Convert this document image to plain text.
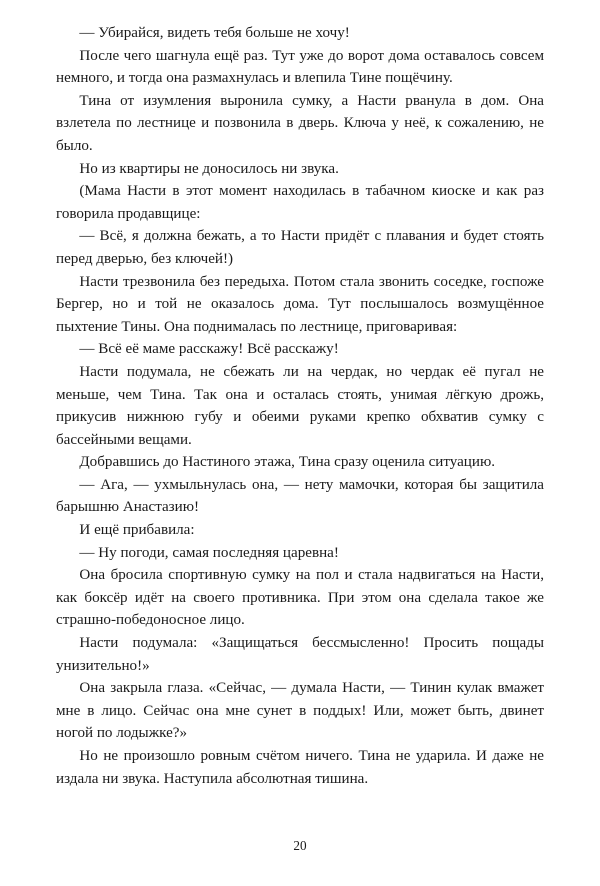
— Убирайся, видеть тебя больше не хочу!

После чего шагнула ещё раз. Тут уже до ворот дома оставалось совсем немного, и тогда она размахнулась и влепила Тине пощёчину.

Тина от изумления выронила сумку, а Насти рванула в дом. Она взлетела по лестнице и позвонила в дверь. Ключа у неё, к сожалению, не было.

Но из квартиры не доносилось ни звука.

(Мама Насти в этот момент находилась в табачном киоске и как раз говорила продавщице:

— Всё, я должна бежать, а то Насти придёт с плавания и будет стоять перед дверью, без ключей!)

Насти трезвонила без передыха. Потом стала звонить соседке, госпоже Бергер, но и той не оказалось дома. Тут послышалось возмущённое пыхтение Тины. Она поднималась по лестнице, приговаривая:

— Всё её маме расскажу! Всё расскажу!

Насти подумала, не сбежать ли на чердак, но чердак её пугал не меньше, чем Тина. Так она и осталась стоять, унимая лёгкую дрожь, прикусив нижнюю губу и обеими руками крепко обхватив сумку с бассейными вещами.

Добравшись до Настиного этажа, Тина сразу оценила ситуацию.

— Ага, — ухмыльнулась она, — нету мамочки, которая бы защитила барышню Анастазию!

И ещё прибавила:

— Ну погоди, самая последняя царевна!

Она бросила спортивную сумку на пол и стала надвигаться на Насти, как боксёр идёт на своего противника. При этом она сделала такое же страшно-победоносное лицо.

Насти подумала: «Защищаться бессмысленно! Просить пощады унизительно!»

Она закрыла глаза. «Сейчас, — думала Насти, — Тинин кулак вмажет мне в лицо. Сейчас она мне сунет в поддых! Или, может быть, двинет ногой по лодыжке?»

Но не произошло ровным счётом ничего. Тина не ударила. И даже не издала ни звука. Наступила абсолютная тишина.

20
